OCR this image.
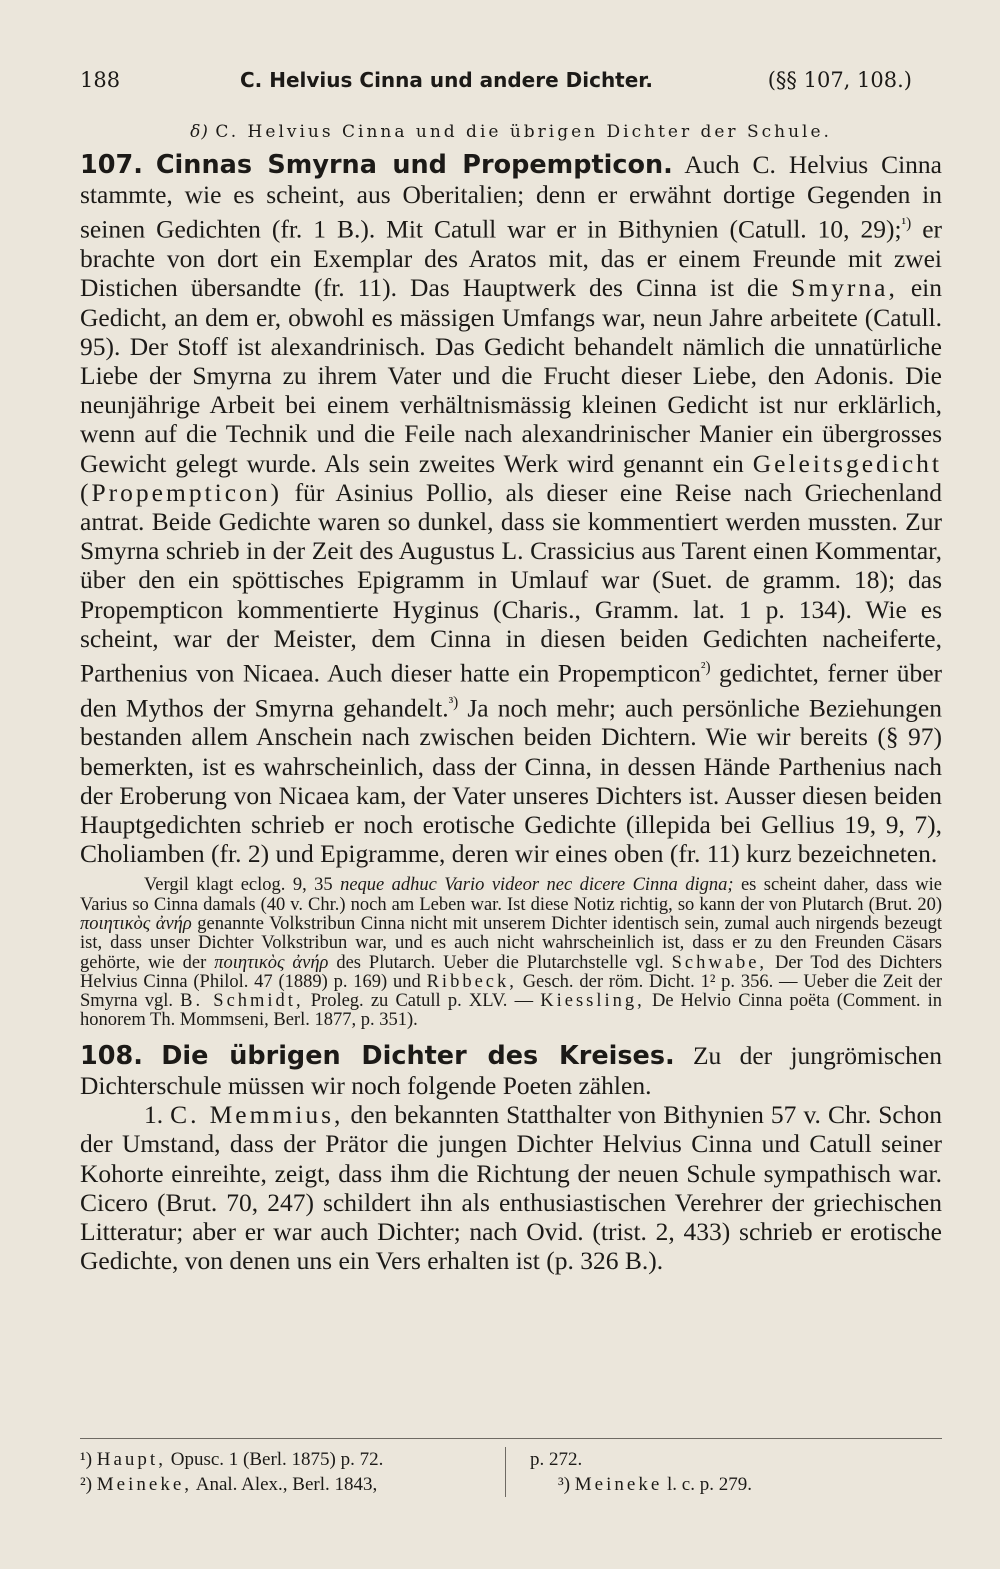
188	C. Helvius Cinna und andere Dichter.	(§§ 107, 108.)
δ) C. Helvius Cinna und die übrigen Dichter der Schule.

107. Cinnas Smyrna und Propempticon. Auch C. Helvius Cinna stammte, wie es scheint, aus Oberitalien; denn er erwähnt dortige Gegenden in seinen Gedichten (fr. 1 B.). Mit Catull war er in Bithynien (Catull. 10, 29);$^{^1)}$ er brachte von dort ein Exemplar des Aratos mit, das er einem Freunde mit zwei Distichen übersandte (fr. 11). Das Hauptwerk des Cinna ist die Smyrna, ein Gedicht, an dem er, obwohl es mässigen Umfangs war, neun Jahre arbeitete (Catull. 95). Der Stoff ist alexandrinisch. Das Gedicht behandelt nämlich die unnatürliche Liebe der Smyrna zu ihrem Vater und die Frucht dieser Liebe, den Adonis. Die neunjährige Arbeit bei einem verhältnismässig kleinen Gedicht ist nur erklärlich, wenn auf die Technik und die Feile nach alexandrinischer Manier ein übergrosses Gewicht gelegt wurde. Als sein zweites Werk wird genannt ein Geleitsgedicht (Propempticon) für Asinius Pollio, als dieser eine Reise nach Griechenland antrat. Beide Gedichte waren so dunkel, dass sie kommentiert werden mussten. Zur Smyrna schrieb in der Zeit des Augustus L. Crassicius aus Tarent einen Kommentar, über den ein spöttisches Epigramm in Umlauf war (Suet. de gramm. 18); das Propempticon kommentierte Hyginus (Charis., Gramm. lat. 1 p. 134). Wie es scheint, war der Meister, dem Cinna in diesen beiden Gedichten nacheiferte, Parthenius von Nicaea. Auch dieser hatte ein Propempticon$^{^2)}$ gedichtet, ferner über den Mythos der Smyrna gehandelt.$^{^3)}$ Ja noch mehr; auch persönliche Beziehungen bestanden allem Anschein nach zwischen beiden Dichtern. Wie wir bereits (§ 97) bemerkten, ist es wahrscheinlich, dass der Cinna, in dessen Hände Parthenius nach der Eroberung von Nicaea kam, der Vater unseres Dichters ist. Ausser diesen beiden Hauptgedichten schrieb er noch erotische Gedichte (illepida bei Gellius 19, 9, 7), Choliamben (fr. 2) und Epigramme, deren wir eines oben (fr. 11) kurz bezeichneten.

Vergil klagt eclog. 9, 35 neque adhuc Vario videor nec dicere Cinna digna; es scheint daher, dass wie Varius so Cinna damals (40 v. Chr.) noch am Leben war. Ist diese Notiz richtig, so kann der von Plutarch (Brut. 20) ποιητικὸς ἀνήρ genannte Volkstribun Cinna nicht mit unserem Dichter identisch sein, zumal auch nirgends bezeugt ist, dass unser Dichter Volkstribun war, und es auch nicht wahrscheinlich ist, dass er zu den Freunden Cäsars gehörte, wie der ποιητικὸς ἀνήρ des Plutarch. Ueber die Plutarchstelle vgl. Schwabe, Der Tod des Dichters Helvius Cinna (Philol. 47 (1889) p. 169) und Ribbeck, Gesch. der röm. Dicht. 1² p. 356. — Ueber die Zeit der Smyrna vgl. B. Schmidt, Proleg. zu Catull p. XLV. — Kiessling, De Helvio Cinna poëta (Comment. in honorem Th. Mommseni, Berl. 1877, p. 351).

108. Die übrigen Dichter des Kreises. Zu der jungrömischen Dichterschule müssen wir noch folgende Poeten zählen.

1. C. Memmius, den bekannten Statthalter von Bithynien 57 v. Chr. Schon der Umstand, dass der Prätor die jungen Dichter Helvius Cinna und Catull seiner Kohorte einreihte, zeigt, dass ihm die Richtung der neuen Schule sympathisch war. Cicero (Brut. 70, 247) schildert ihn als enthusiastischen Verehrer der griechischen Litteratur; aber er war auch Dichter; nach Ovid. (trist. 2, 433) schrieb er erotische Gedichte, von denen uns ein Vers erhalten ist (p. 326 B.).

¹) Haupt, Opusc. 1 (Berl. 1875) p. 72.	p. 272.
²) Meineke, Anal. Alex., Berl. 1843,	³) Meineke l. c. p. 279.
